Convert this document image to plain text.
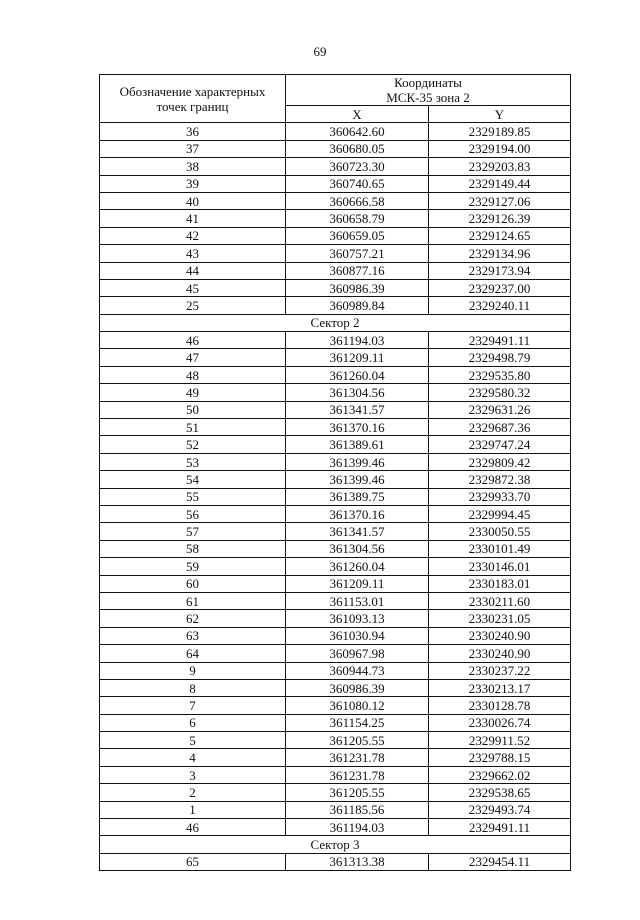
69
Обозначение характерных точек границ	Координаты
МСК-35 зона 2	

	X	Y
36	360642.60	2329189.85
37	360680.05	2329194.00
38	360723.30	2329203.83
39	360740.65	2329149.44
40	360666.58	2329127.06
41	360658.79	2329126.39
42	360659.05	2329124.65
43	360757.21	2329134.96
44	360877.16	2329173.94
45	360986.39	2329237.00
25	360989.84	2329240.11
Сектор 2		
46	361194.03	2329491.11
47	361209.11	2329498.79
48	361260.04	2329535.80
49	361304.56	2329580.32
50	361341.57	2329631.26
51	361370.16	2329687.36
52	361389.61	2329747.24
53	361399.46	2329809.42
54	361399.46	2329872.38
55	361389.75	2329933.70
56	361370.16	2329994.45
57	361341.57	2330050.55
58	361304.56	2330101.49
59	361260.04	2330146.01
60	361209.11	2330183.01
61	361153.01	2330211.60
62	361093.13	2330231.05
63	361030.94	2330240.90
64	360967.98	2330240.90
9	360944.73	2330237.22
8	360986.39	2330213.17
7	361080.12	2330128.78
6	361154.25	2330026.74
5	361205.55	2329911.52
4	361231.78	2329788.15
3	361231.78	2329662.02
2	361205.55	2329538.65
1	361185.56	2329493.74
46	361194.03	2329491.11
Сектор 3		
65	361313.38	2329454.11
